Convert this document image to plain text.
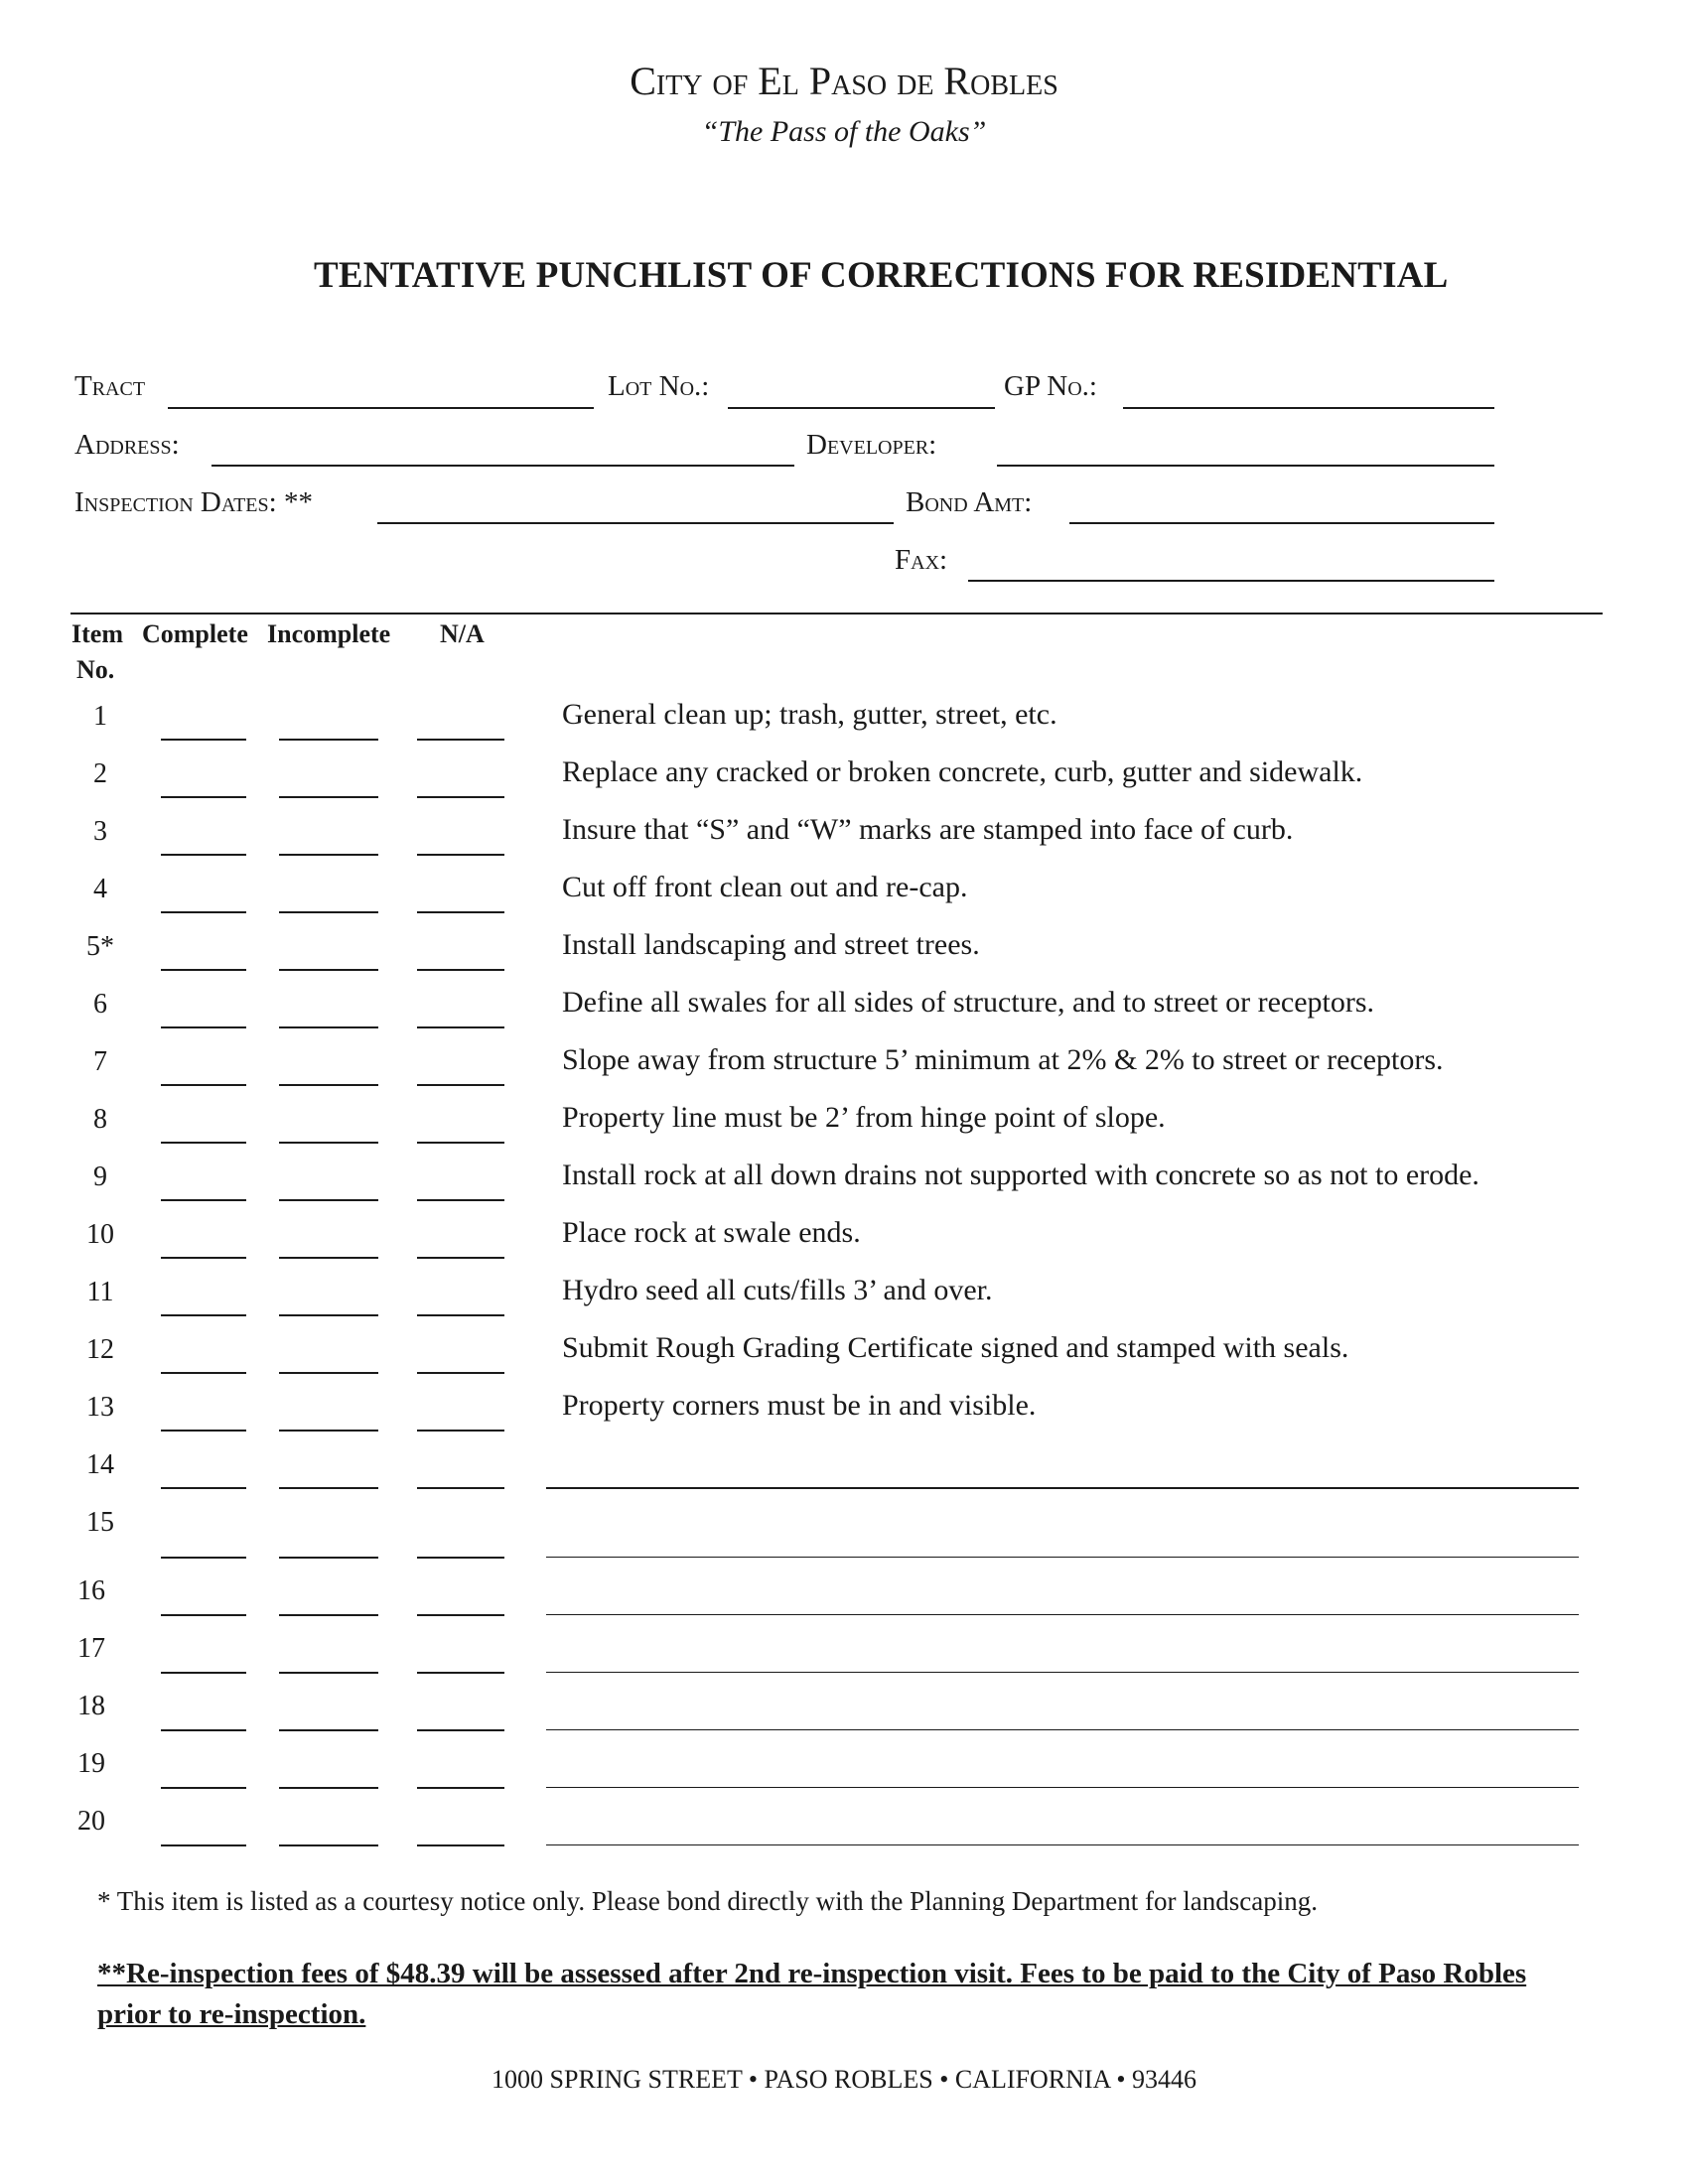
City of El Paso de Robles
“The Pass of the Oaks”
TENTATIVE PUNCHLIST OF CORRECTIONS FOR RESIDENTIAL
Tract	Lot No.:	GP No.:
Address:	Developer:
Inspection Dates: **	Bond Amt:
Fax:
Item
No.
Complete Incomplete N/A
1	General clean up; trash, gutter, street, etc.
2	Replace any cracked or broken concrete, curb, gutter and sidewalk.
3	Insure that “S” and “W” marks are stamped into face of curb.
4	Cut off front clean out and re-cap.
5*	Install landscaping and street trees.
6	Define all swales for all sides of structure, and to street or receptors.
7	Slope away from structure 5’ minimum at 2% & 2% to street or receptors.
8	Property line must be 2’ from hinge point of slope.
9	Install rock at all down drains not supported with concrete so as not to erode.
10	Place rock at swale ends.
11	Hydro seed all cuts/fills 3’ and over.
12	Submit Rough Grading Certificate signed and stamped with seals.
13	Property corners must be in and visible.
14
15
16
17
18
19
20
* This item is listed as a courtesy notice only. Please bond directly with the Planning Department for landscaping.
**Re-inspection fees of $48.39 will be assessed after 2nd re-inspection visit. Fees to be paid to the City of Paso Robles prior to re-inspection.
1000 SPRING STREET • PASO ROBLES • CALIFORNIA • 93446
